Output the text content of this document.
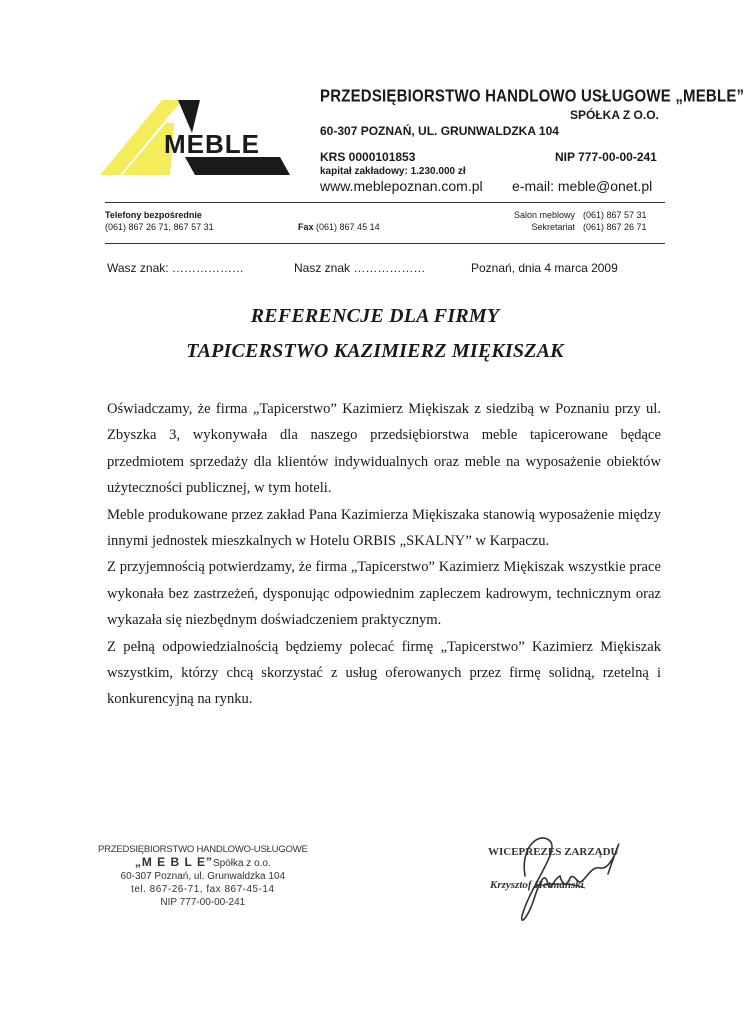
MEBLE
PRZEDSIĘBIORSTWO HANDLOWO USŁUGOWE „MEBLE”
SPÓŁKA Z O.O.
60-307 POZNAŃ, UL. GRUNWALDZKA 104
KRS 0000101853	NIP 777-00-00-241
kapitał zakładowy: 1.230.000 zł
www.meblepoznan.com.pl e-mail: meble@onet.pl
Telefony bezpośrednie
(061) 867 26 71, 867 57 31	Fax (061) 867 45 14
Salon meblowy (061) 867 57 31
Sekretariat (061) 867 26 71
Wasz znak: ………………	Nasz znak ………………	Poznań, dnia 4 marca 2009
REFERENCJE DLA FIRMY
TAPICERSTWO KAZIMIERZ MIĘKISZAK

Oświadczamy, że firma „Tapicerstwo” Kazimierz Miękiszak z siedzibą w Poznaniu przy ul. Zbyszka 3, wykonywała dla naszego przedsiębiorstwa meble tapicerowane będące przedmiotem sprzedaży dla klientów indywidualnych oraz meble na wyposażenie obiektów użyteczności publicznej, w tym hoteli.

Meble produkowane przez zakład Pana Kazimierza Miękiszaka stanowią wyposażenie między innymi jednostek mieszkalnych w Hotelu ORBIS „SKALNY” w Karpaczu.

Z przyjemnością potwierdzamy, że firma „Tapicerstwo” Kazimierz Miękiszak wszystkie prace wykonała bez zastrzeżeń, dysponując odpowiednim zapleczem kadrowym, technicznym oraz wykazała się niezbędnym doświadczeniem praktycznym.

Z pełną odpowiedzialnością będziemy polecać firmę „Tapicerstwo” Kazimierz Miękiszak wszystkim, którzy chcą skorzystać z usług oferowanych przez firmę solidną, rzetelną i konkurencyjną na rynku.

PRZEDSIĘBIORSTWO HANDLOWO-USŁUGOWE
„M E B L E”Spółka z o.o.
60-307 Poznań, ul. Grunwaldzka 104
tel. 867-26-71, fax 867-45-14
NIP 777-00-00-241
WICEPREZES ZARZĄDU
Krzysztof Hetmański
